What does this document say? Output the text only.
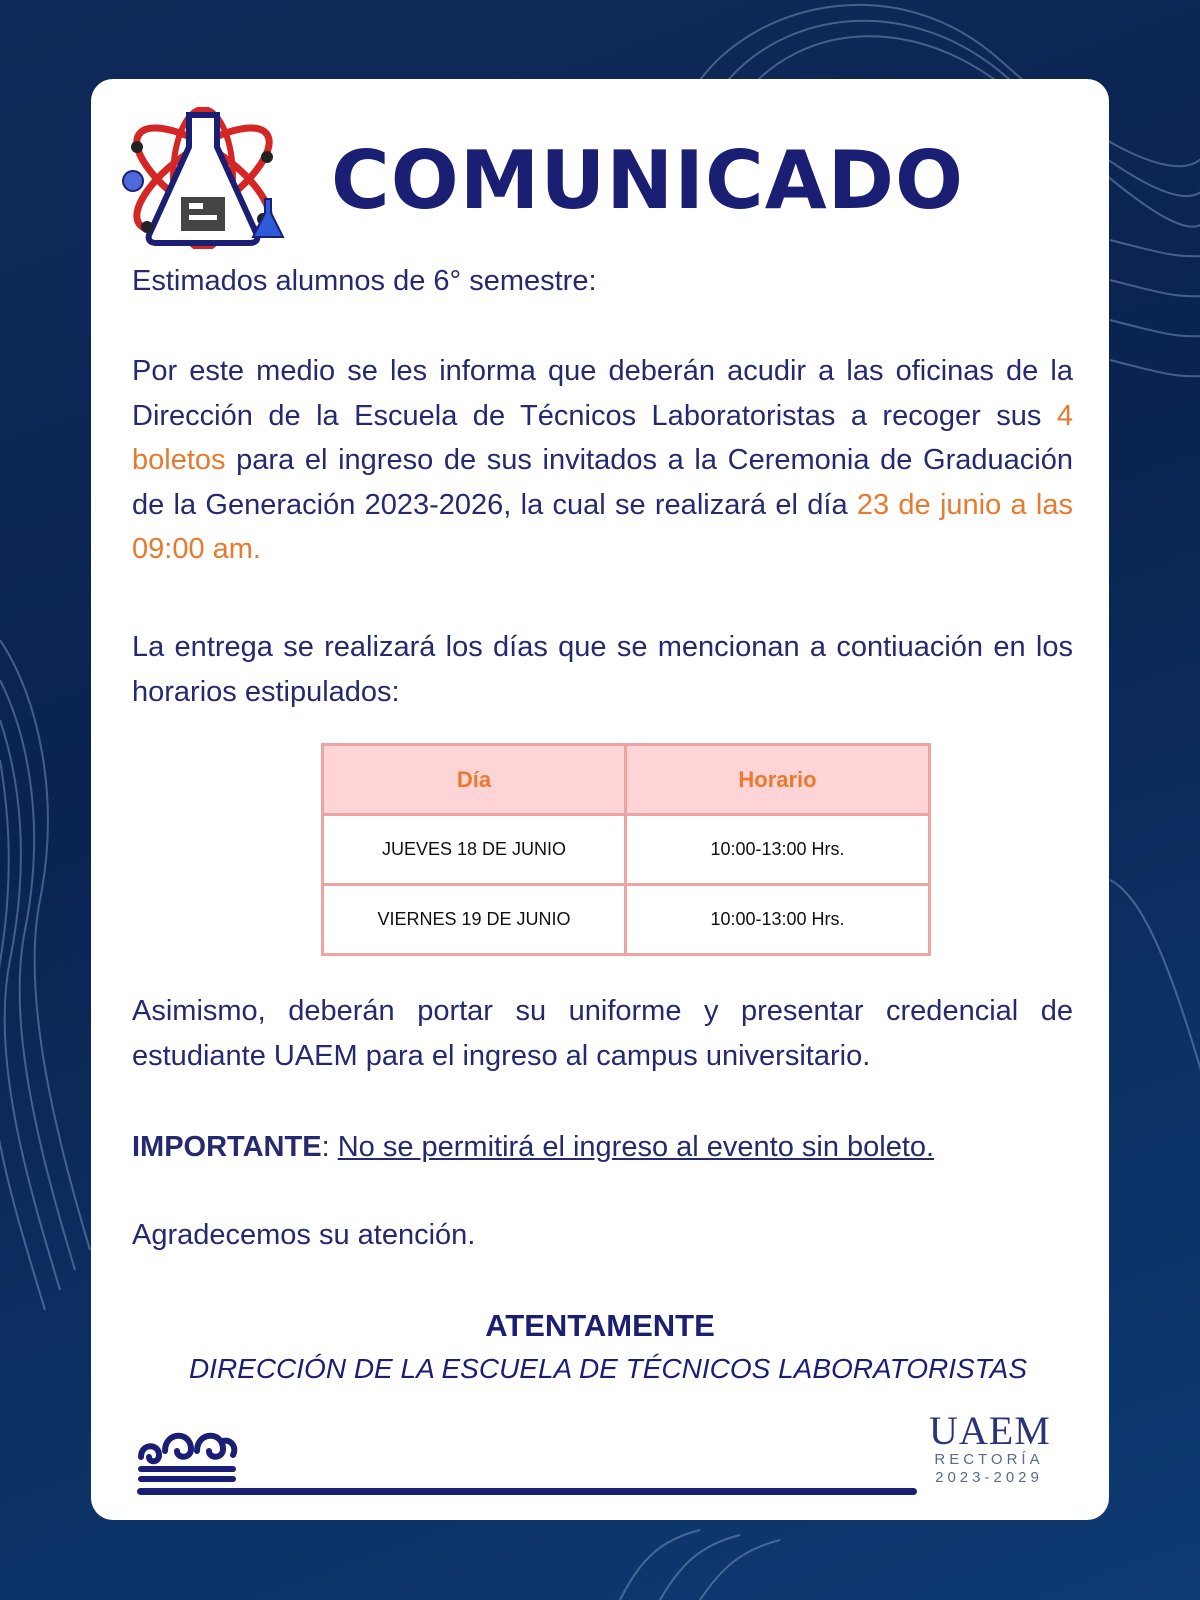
COMUNICADO

Estimados alumnos de 6° semestre:

Por este medio se les informa que deberán acudir a las oficinas de la Dirección de la Escuela de Técnicos Laboratoristas a recoger sus 4 boletos para el ingreso de sus invitados a la Ceremonia de Graduación de la Generación 2023-2026, la cual se realizará el día 23 de junio a las 09:00 am.

La entrega se realizará los días que se mencionan a contiuación en los horarios estipulados:

Día	Horario
JUEVES 18 DE JUNIO	10:00-13:00 Hrs.
VIERNES 19 DE JUNIO	10:00-13:00 Hrs.

Asimismo, deberán portar su uniforme y presentar credencial de estudiante UAEM para el ingreso al campus universitario.

IMPORTANTE: No se permitirá el ingreso al evento sin boleto.

Agradecemos su atención.

ATENTAMENTE

DIRECCIÓN DE LA ESCUELA DE TÉCNICOS LABORATORISTAS

UAEM
RECTORÍA
2023-2029
